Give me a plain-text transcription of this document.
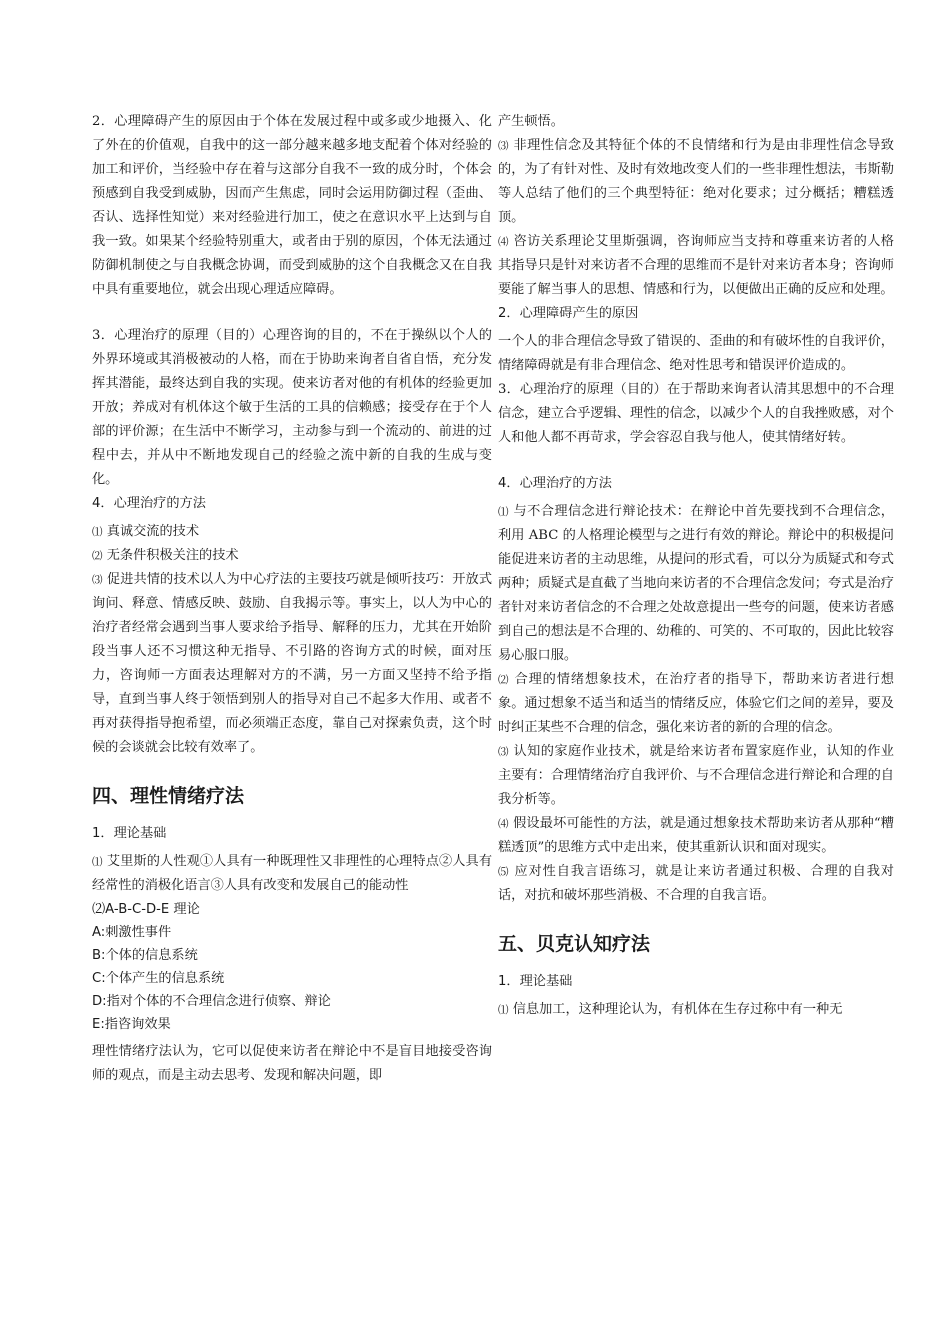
2．心理障碍产生的原因由于个体在发展过程中或多或少地摄入、化了外在的价值观，自我中的这一部分越来越多地支配着个体对经验的加工和评价，当经验中存在着与这部分自我不一致的成分时，个体会预感到自我受到威胁，因而产生焦虑，同时会运用防御过程（歪曲、否认、选择性知觉）来对经验进行加工，使之在意识水平上达到与自我一致。如果某个经验特别重大，或者由于别的原因，个体无法通过防御机制使之与自我概念协调，而受到威胁的这个自我概念又在自我中具有重要地位，就会出现心理适应障碍。

3．心理治疗的原理（目的）心理咨询的目的，不在于操纵以个人的外界环境或其消极被动的人格，而在于协助来询者自省自悟，充分发挥其潜能，最终达到自我的实现。使来访者对他的有机体的经验更加开放；养成对有机体这个敏于生活的工具的信赖感；接受存在于个人部的评价源；在生活中不断学习，主动参与到一个流动的、前进的过程中去，并从中不断地发现自己的经验之流中新的自我的生成与变化。

4．心理治疗的方法

⑴ 真诚交流的技术

⑵ 无条件积极关注的技术

⑶ 促进共情的技术以人为中心疗法的主要技巧就是倾听技巧：开放式询问、释意、情感反映、鼓励、自我揭示等。事实上，以人为中心的治疗者经常会遇到当事人要求给予指导、解释的压力，尤其在开始阶段当事人还不习惯这种无指导、不引路的咨询方式的时候，面对压力，咨询师一方面表达理解对方的不满，另一方面又坚持不给予指导，直到当事人终于领悟到别人的指导对自己不起多大作用、或者不再对获得指导抱希望，而必须端正态度，靠自己对探索负责，这个时候的会谈就会比较有效率了。

四、理性情绪疗法

1．理论基础

⑴ 艾里斯的人性观①人具有一种既理性又非理性的心理特点②人具有经常性的消极化语言③人具有改变和发展自己的能动性

⑵A-B-C-D-E 理论

A:刺激性事件

B:个体的信息系统

C:个体产生的信息系统

D:指对个体的不合理信念进行侦察、辩论

E:指咨询效果

理性情绪疗法认为，它可以促使来访者在辩论中不是盲目地接受咨询师的观点，而是主动去思考、发现和解决问题，即

产生顿悟。

⑶ 非理性信念及其特征个体的不良情绪和行为是由非理性信念导致的，为了有针对性、及时有效地改变人们的一些非理性想法，韦斯勒等人总结了他们的三个典型特征：绝对化要求；过分概括；糟糕透顶。

⑷ 咨访关系理论艾里斯强调，咨询师应当支持和尊重来访者的人格其指导只是针对来访者不合理的思维而不是针对来访者本身；咨询师要能了解当事人的思想、情感和行为，以便做出正确的反应和处理。

2．心理障碍产生的原因

一个人的非合理信念导致了错误的、歪曲的和有破坏性的自我评价，情绪障碍就是有非合理信念、绝对性思考和错误评价造成的。

3．心理治疗的原理（目的）在于帮助来询者认清其思想中的不合理信念，建立合乎逻辑、理性的信念，以减少个人的自我挫败感，对个人和他人都不再苛求，学会容忍自我与他人，使其情绪好转。

4．心理治疗的方法

⑴ 与不合理信念进行辩论技术：在辩论中首先要找到不合理信念，利用 ABC 的人格理论模型与之进行有效的辩论。辩论中的积极提问能促进来访者的主动思维，从提问的形式看，可以分为质疑式和夸式两种；质疑式是直截了当地向来访者的不合理信念发问；夸式是治疗者针对来访者信念的不合理之处故意提出一些夸的问题，使来访者感到自己的想法是不合理的、幼稚的、可笑的、不可取的，因此比较容易心服口服。

⑵ 合理的情绪想象技术，在治疗者的指导下，帮助来访者进行想象。通过想象不适当和适当的情绪反应，体验它们之间的差异，要及时纠正某些不合理的信念，强化来访者的新的合理的信念。

⑶ 认知的家庭作业技术，就是给来访者布置家庭作业，认知的作业主要有：合理情绪治疗自我评价、与不合理信念进行辩论和合理的自我分析等。

⑷ 假设最坏可能性的方法，就是通过想象技术帮助来访者从那种“糟糕透顶”的思维方式中走出来，使其重新认识和面对现实。

⑸ 应对性自我言语练习，就是让来访者通过积极、合理的自我对话，对抗和破坏那些消极、不合理的自我言语。

五、贝克认知疗法

1．理论基础

⑴ 信息加工，这种理论认为，有机体在生存过称中有一种无
